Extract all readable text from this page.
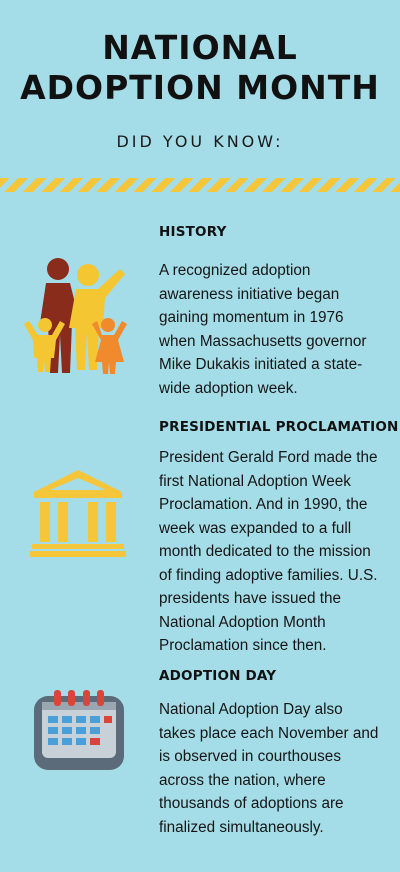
NATIONAL
ADOPTION MONTH
DID YOU KNOW:
HISTORY
A recognized adoption
awareness initiative began
gaining momentum in 1976
when Massachusetts governor
Mike Dukakis initiated a state-
wide adoption week.
PRESIDENTIAL PROCLAMATION
President Gerald Ford made the
first National Adoption Week
Proclamation. And in 1990, the
week was expanded to a full
month dedicated to the mission
of finding adoptive families. U.S.
presidents have issued the
National Adoption Month
Proclamation since then.
ADOPTION DAY
National Adoption Day also
takes place each November and
is observed in courthouses
across the nation, where
thousands of adoptions are
finalized simultaneously.
